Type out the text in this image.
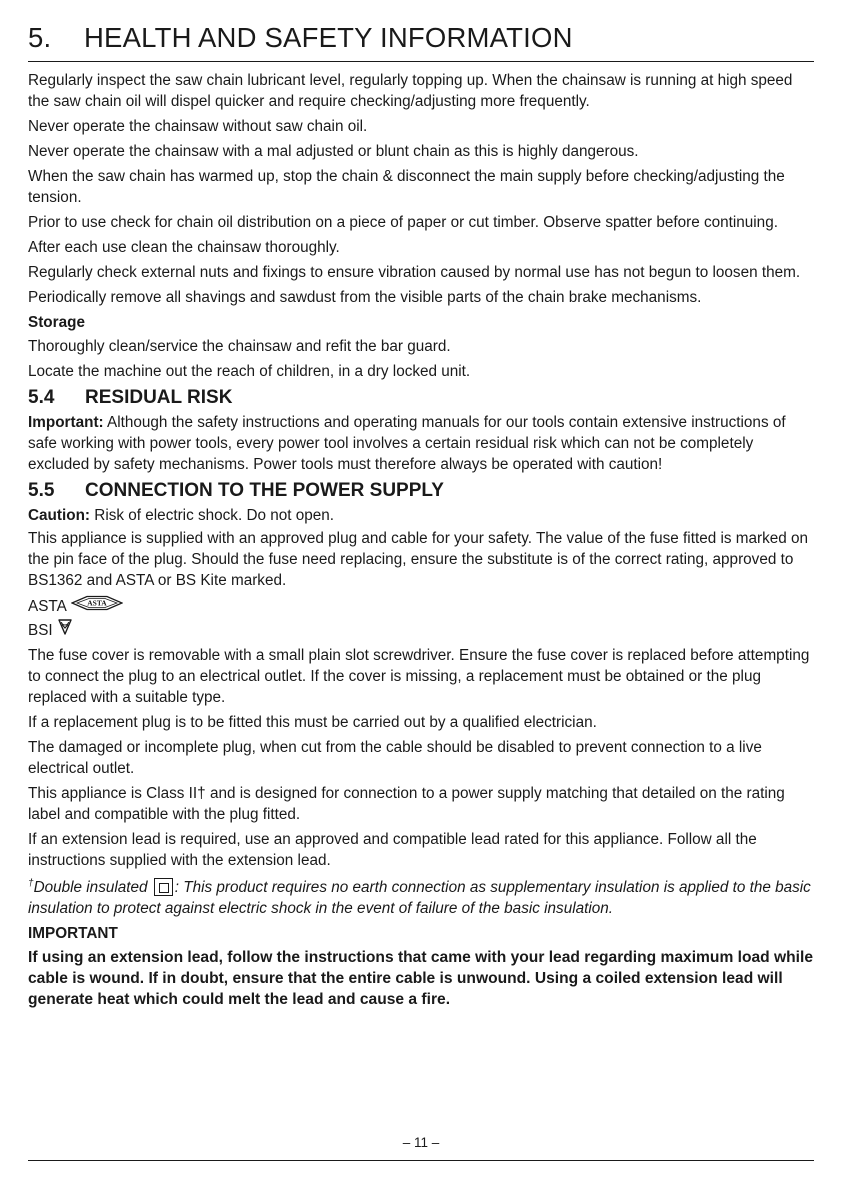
5. HEALTH AND SAFETY INFORMATION

Regularly inspect the saw chain lubricant level, regularly topping up. When the chainsaw is running at high speed the saw chain oil will dispel quicker and require checking/adjusting more frequently.

Never operate the chainsaw without saw chain oil.

Never operate the chainsaw with a mal adjusted or blunt chain as this is highly dangerous.

When the saw chain has warmed up, stop the chain & disconnect the main supply before checking/adjusting the tension.

Prior to use check for chain oil distribution on a piece of paper or cut timber. Observe spatter before continuing.

After each use clean the chainsaw thoroughly.

Regularly check external nuts and fixings to ensure vibration caused by normal use has not begun to loosen them.

Periodically remove all shavings and sawdust from the visible parts of the chain brake mechanisms.

Storage

Thoroughly clean/service the chainsaw and refit the bar guard.

Locate the machine out the reach of children, in a dry locked unit.

5.4 RESIDUAL RISK

Important: Although the safety instructions and operating manuals for our tools contain extensive instructions of safe working with power tools, every power tool involves a certain residual risk which can not be completely excluded by safety mechanisms. Power tools must therefore always be operated with caution!

5.5 CONNECTION TO THE POWER SUPPLY

Caution: Risk of electric shock. Do not open.

This appliance is supplied with an approved plug and cable for your safety. The value of the fuse fitted is marked on the pin face of the plug. Should the fuse need replacing, ensure the substitute is of the correct rating, approved to BS1362 and ASTA or BS Kite marked.

ASTA	ASTA
BSI

The fuse cover is removable with a small plain slot screwdriver. Ensure the fuse cover is replaced before attempting to connect the plug to an electrical outlet. If the cover is missing, a replacement must be obtained or the plug replaced with a suitable type.

If a replacement plug is to be fitted this must be carried out by a qualified electrician.

The damaged or incomplete plug, when cut from the cable should be disabled to prevent connection to a live electrical outlet.

This appliance is Class II† and is designed for connection to a power supply matching that detailed on the rating label and compatible with the plug fitted.

If an extension lead is required, use an approved and compatible lead rated for this appliance. Follow all the instructions supplied with the extension lead.

†Double insulated : This product requires no earth connection as supplementary insulation is applied to the basic insulation to protect against electric shock in the event of failure of the basic insulation.

IMPORTANT

If using an extension lead, follow the instructions that came with your lead regarding maximum load while cable is wound. If in doubt, ensure that the entire cable is unwound. Using a coiled extension lead will generate heat which could melt the lead and cause a fire.

– 11 –
